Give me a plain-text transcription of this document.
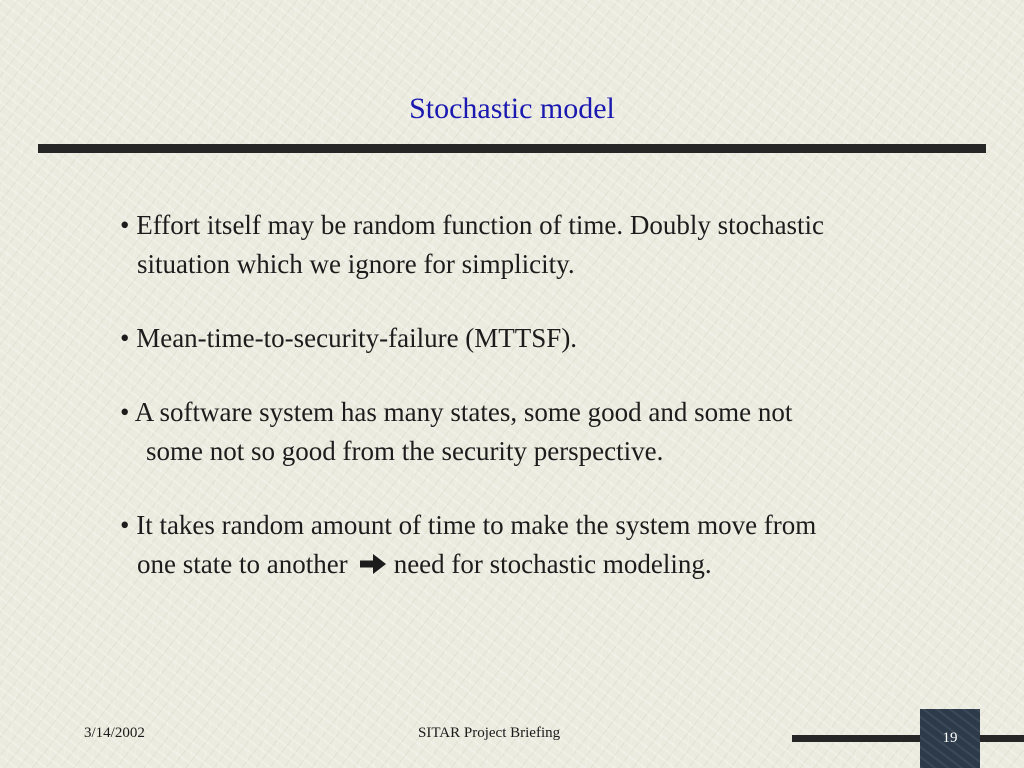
Stochastic model
• Effort itself may be random function of time. Doubly stochastic
situation which we ignore for simplicity.
• Mean-time-to-security-failure (MTTSF).
• A software system has many states, some good and some not
some not so good from the security perspective.
• It takes random amount of time to make the system move from
one state to another need for stochastic modeling.
3/14/2002	SITAR Project Briefing	19
